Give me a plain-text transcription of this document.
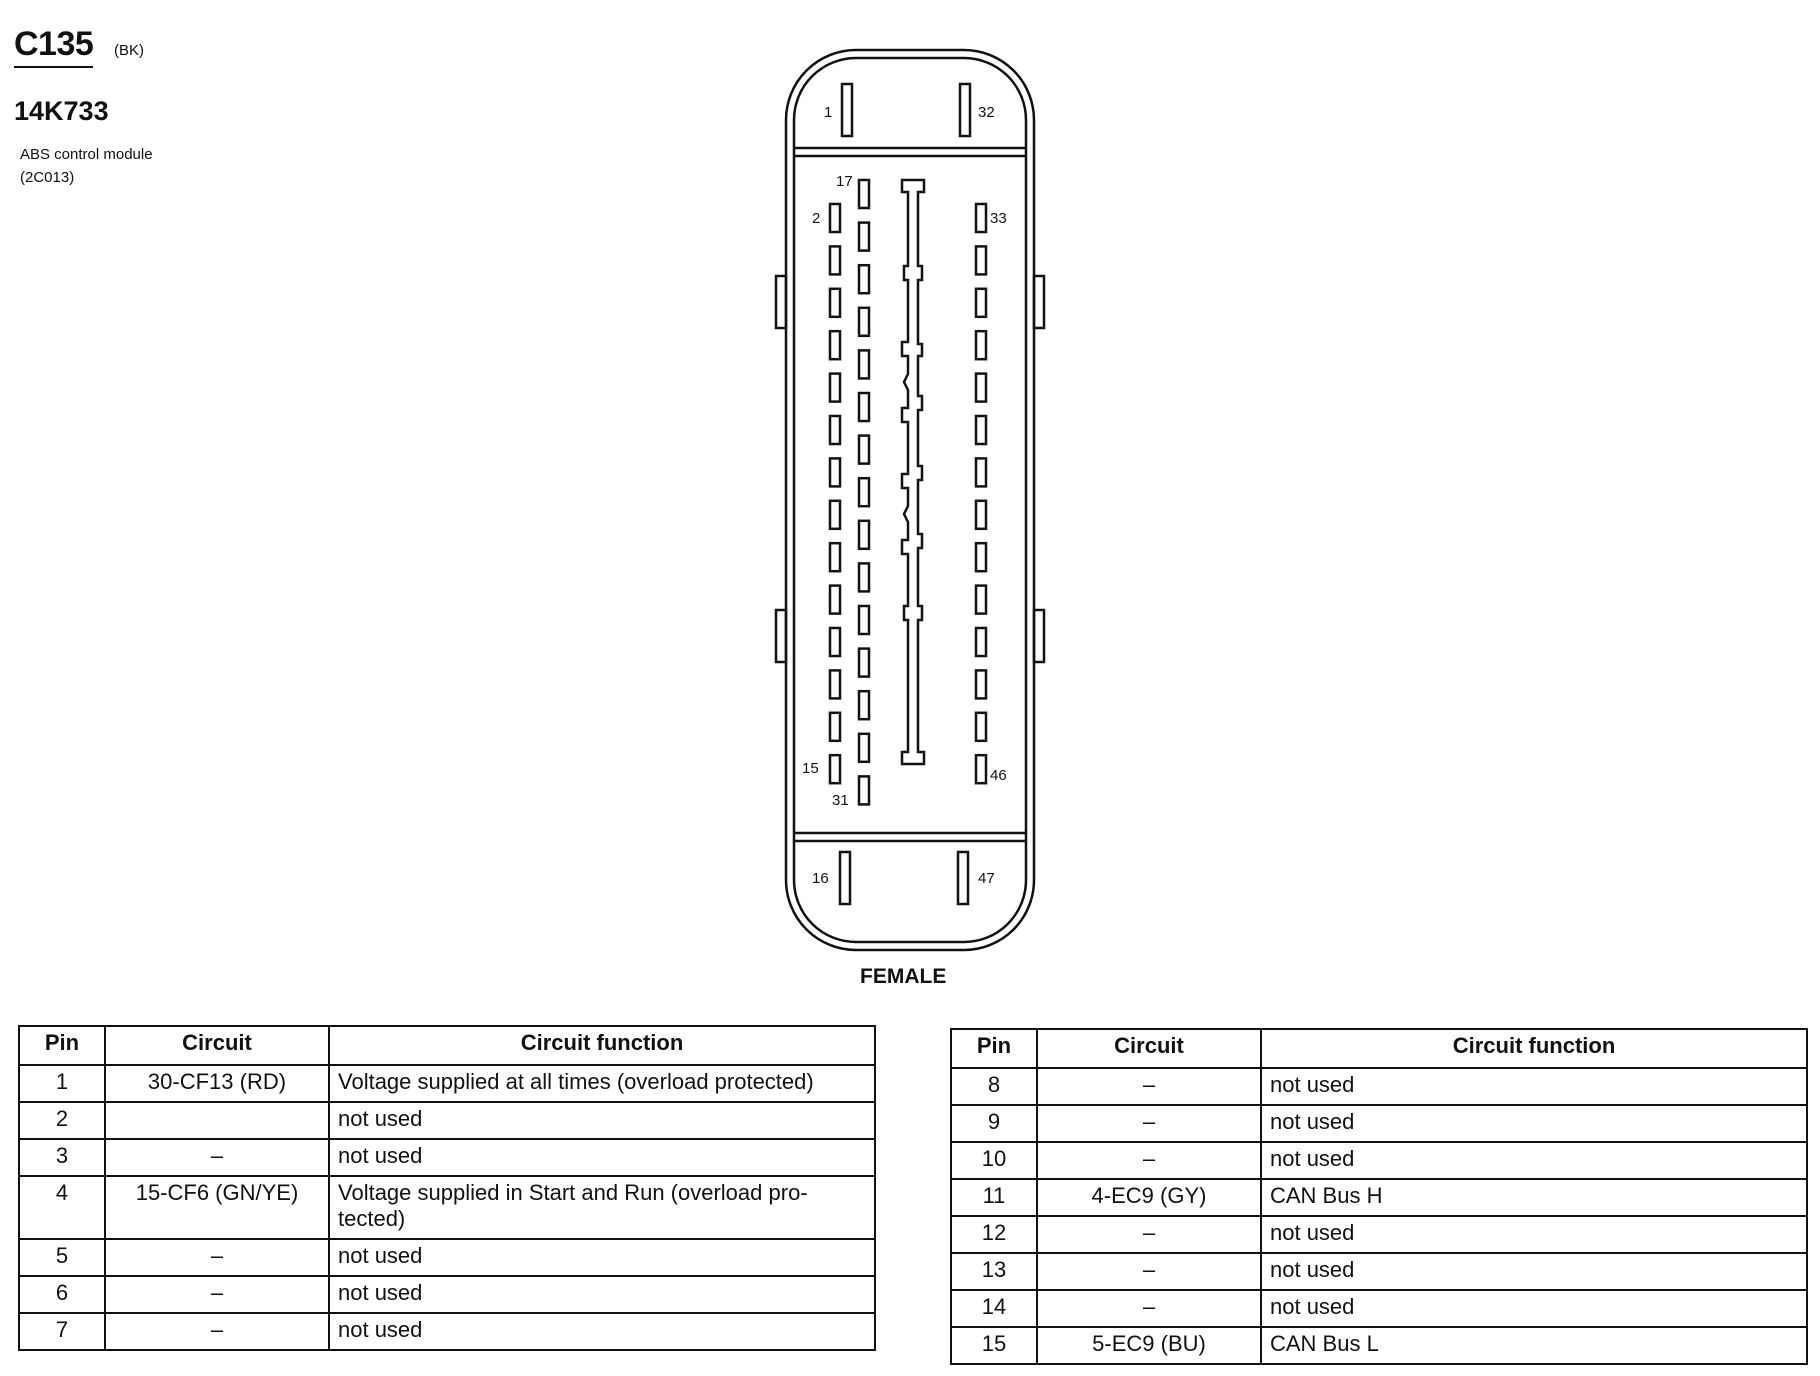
C135 (BK)
14K733
ABS control module
(2C013)
1	32
17
2	33
15	46
31
16	47
FEMALE
Pin	Circuit	Circuit function
1	30-CF13 (RD)	Voltage supplied at all times (overload protected)
2		not used
3	–	not used
4	15-CF6 (GN/YE)	Voltage supplied in Start and Run (overload pro-
tected)
5	–	not used
6	–	not used
7	–	not used
Pin	Circuit	Circuit function
8	–	not used
9	–	not used
10	–	not used
11	4-EC9 (GY)	CAN Bus H
12	–	not used
13	–	not used
14	–	not used
15	5-EC9 (BU)	CAN Bus L
